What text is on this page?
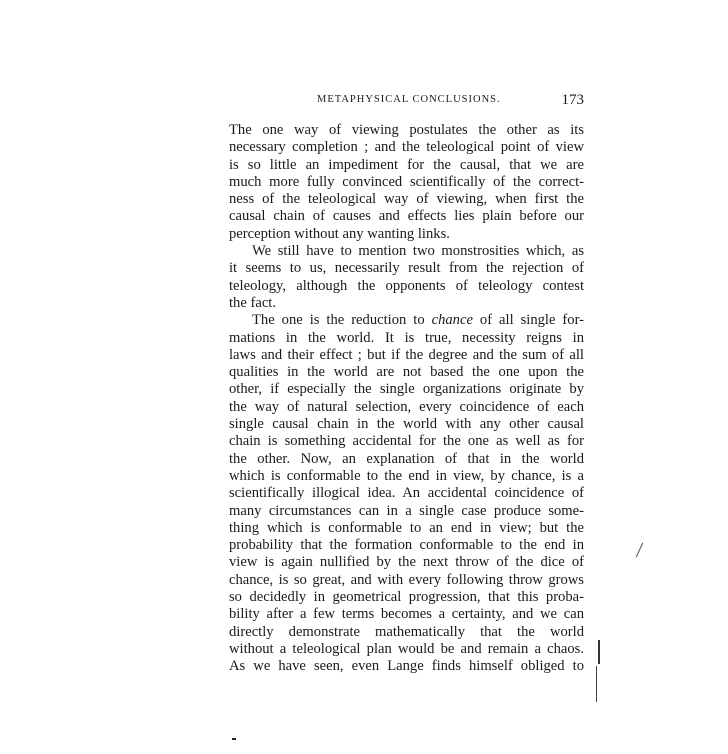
METAPHYSICAL CONCLUSIONS.	173
The one way of viewing postulates the other as its
necessary completion ; and the teleological point of view
is so little an impediment for the causal, that we are
much more fully convinced scientifically of the correct-
ness of the teleological way of viewing, when first the
causal chain of causes and effects lies plain before our
perception without any wanting links.
We still have to mention two monstrosities which, as
it seems to us, necessarily result from the rejection of
teleology, although the opponents of teleology contest
the fact.
The one is the reduction to chance of all single for-
mations in the world. It is true, necessity reigns in
laws and their effect ; but if the degree and the sum of all
qualities in the world are not based the one upon the
other, if especially the single organizations originate by
the way of natural selection, every coincidence of each
single causal chain in the world with any other causal
chain is something accidental for the one as well as for
the other. Now, an explanation of that in the world
which is conformable to the end in view, by chance, is a
scientifically illogical idea. An accidental coincidence of
many circumstances can in a single case produce some-
thing which is conformable to an end in view; but the
probability that the formation conformable to the end in
view is again nullified by the next throw of the dice of
chance, is so great, and with every following throw grows
so decidedly in geometrical progression, that this proba-
bility after a few terms becomes a certainty, and we can
directly demonstrate mathematically that the world
without a teleological plan would be and remain a chaos.
As we have seen, even Lange finds himself obliged to
